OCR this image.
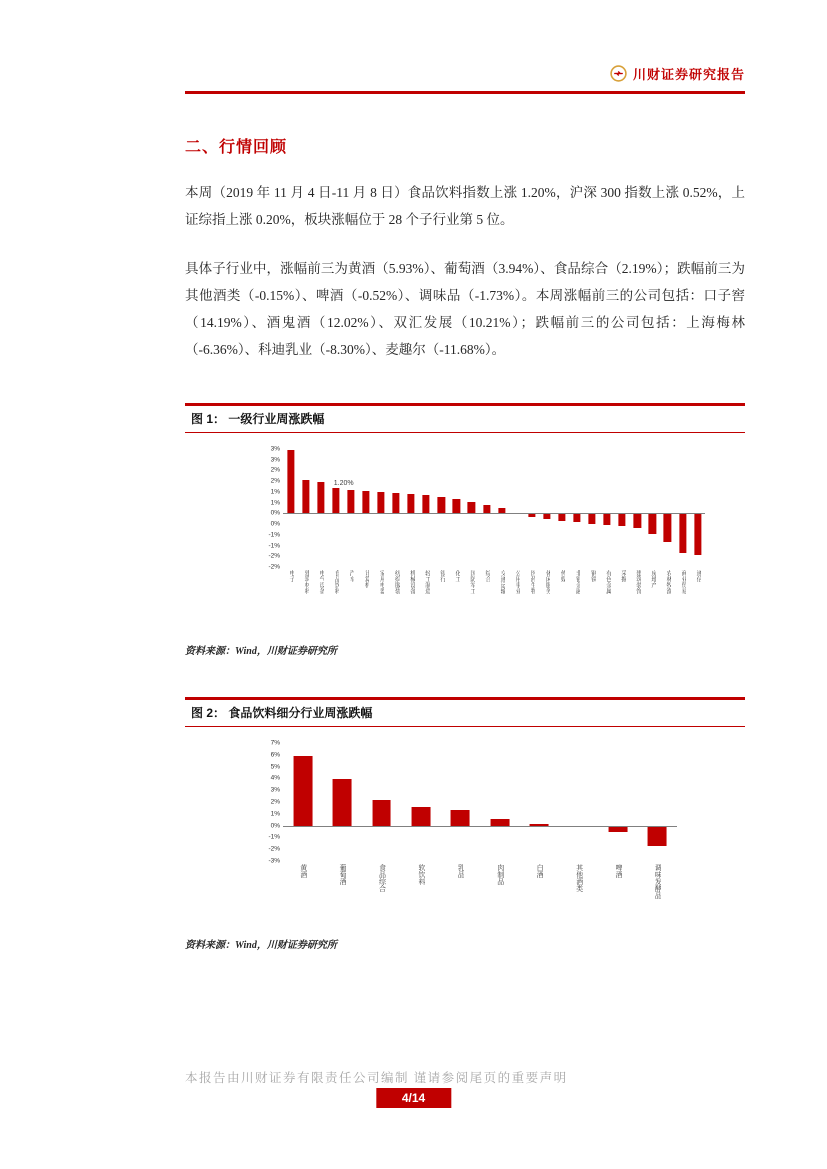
川财证券研究报告
二、行情回顾

本周（2019 年 11 月 4 日-11 月 8 日）食品饮料指数上涨 1.20%，沪深 300 指数上涨 0.52%，上证综指上涨 0.20%，板块涨幅位于 28 个子行业第 5 位。

具体子行业中，涨幅前三为黄酒（5.93%）、葡萄酒（3.94%）、食品综合（2.19%）；跌幅前三为其他酒类（-0.15%）、啤酒（-0.52%）、调味品（-1.73%）。本周涨幅前三的公司包括：口子窖（14.19%）、酒鬼酒（12.02%）、双汇发展（10.21%）；跌幅前三的公司包括：上海梅林（-6.36%）、科迪乳业（-8.30%）、麦趣尔（-11.68%）。

图 1： 一级行业周涨跌幅
3%
3%
2%
2%
1%
1%
0%
0%
-1%
-1%
-2%
-2%
1.20%
电子 建筑材料 电气设备 食品饮料 汽车 计算机 家用电器 纺织服装 机械设备 轻工制造 银行 化工 国防军工 综合 交通运输 公用事业 医药生物 休闲服务 传媒 非银金融 钢铁 有色金属 采掘 建筑装饰 房地产 农林牧渔 商业贸易 通信
资料来源：Wind，川财证券研究所
图 2： 食品饮料细分行业周涨跌幅
7%
6%
5%
4%
3%
2%
1%
0%
-1%
-2%
-3%
黄酒	葡萄酒	食品综合	软饮料	乳品	肉制品	白酒	其他酒类	啤酒	调味发酵品
资料来源：Wind，川财证券研究所
本报告由川财证券有限责任公司编制 谨请参阅尾页的重要声明
4/14
